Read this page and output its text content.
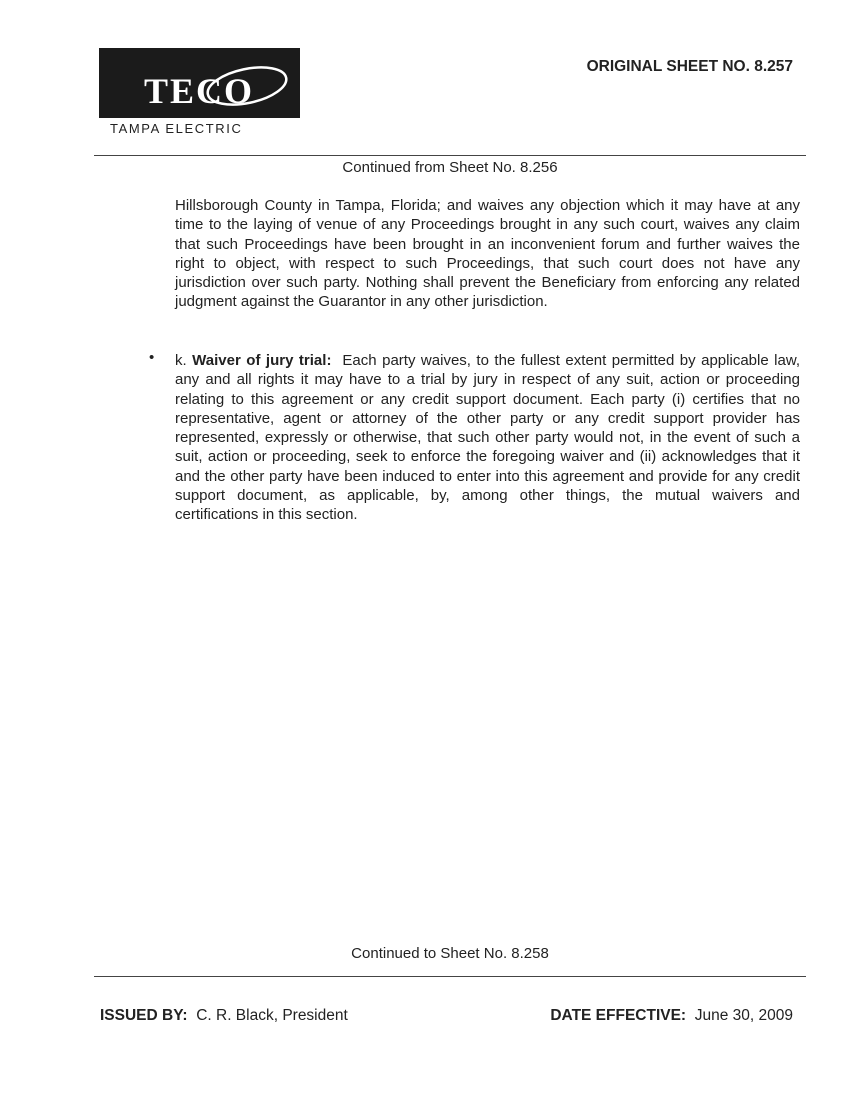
TECO
TAMPA ELECTRIC
ORIGINAL SHEET NO. 8.257
Continued from Sheet No. 8.256
Hillsborough County in Tampa, Florida; and waives any objection which it may have at any time to the laying of venue of any Proceedings brought in any such court, waives any claim that such Proceedings have been brought in an inconvenient forum and further waives the right to object, with respect to such Proceedings, that such court does not have any jurisdiction over such party. Nothing shall prevent the Beneficiary from enforcing any related judgment against the Guarantor in any other jurisdiction.
• k. Waiver of jury trial: Each party waives, to the fullest extent permitted by applicable law, any and all rights it may have to a trial by jury in respect of any suit, action or proceeding relating to this agreement or any credit support document. Each party (i) certifies that no representative, agent or attorney of the other party or any credit support provider has represented, expressly or otherwise, that such other party would not, in the event of such a suit, action or proceeding, seek to enforce the foregoing waiver and (ii) acknowledges that it and the other party have been induced to enter into this agreement and provide for any credit support document, as applicable, by, among other things, the mutual waivers and certifications in this section.
Continued to Sheet No. 8.258
ISSUED BY: C. R. Black, President	DATE EFFECTIVE: June 30, 2009
